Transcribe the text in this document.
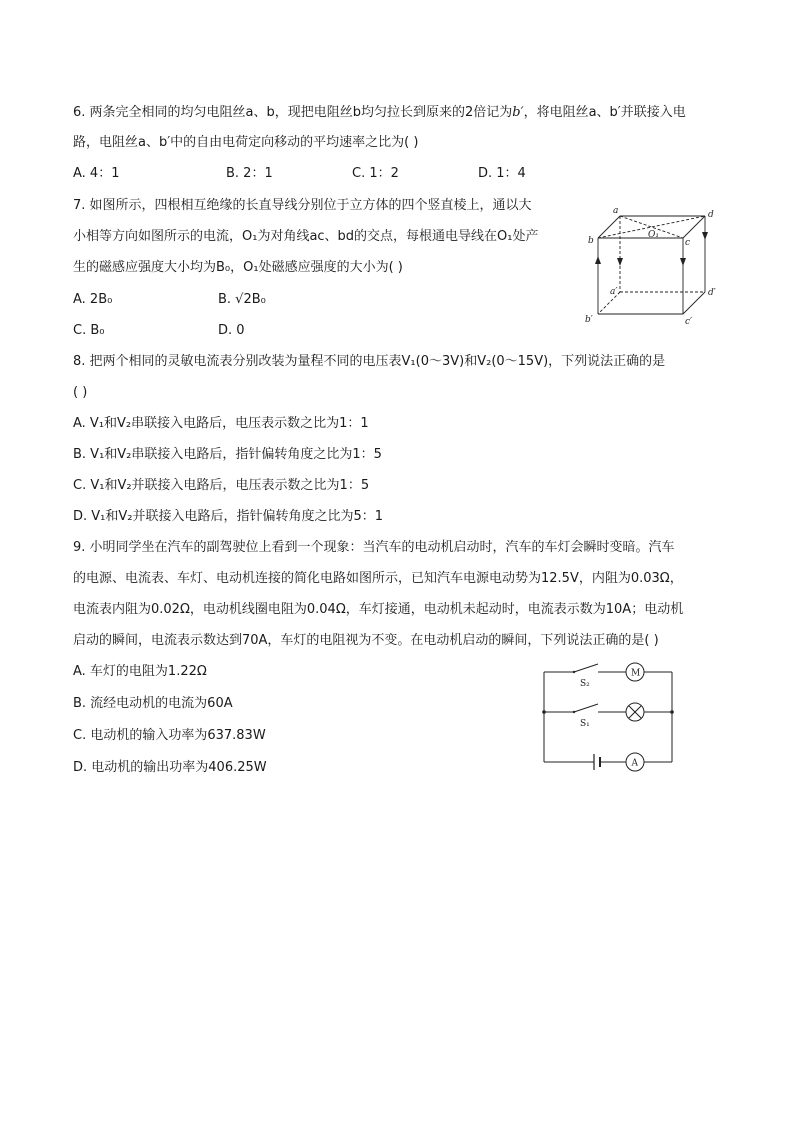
6. 两条完全相同的均匀电阻丝a、b，现把电阻丝b均匀拉长到原来的2倍记为b′，将电阻丝a、b′并联接入电
路，电阻丝a、b′中的自由电荷定向移动的平均速率之比为( )
A. 4：1	B. 2：1	C. 1：2	D. 1：4
7. 如图所示，四根相互绝缘的长直导线分别位于立方体的四个竖直棱上，通以大
小相等方向如图所示的电流，O₁为对角线ac、bd的交点，每根通电导线在O₁处产
生的磁感应强度大小均为B₀，O₁处磁感应强度的大小为( )
A. 2B₀	B. √2B₀
C. B₀	D. 0
a
b	c
d
O₁
a′
b′	c′
d′
8. 把两个相同的灵敏电流表分别改装为量程不同的电压表V₁(0～3V)和V₂(0～15V)，下列说法正确的是
( )
A. V₁和V₂串联接入电路后，电压表示数之比为1：1
B. V₁和V₂串联接入电路后，指针偏转角度之比为1：5
C. V₁和V₂并联接入电路后，电压表示数之比为1：5
D. V₁和V₂并联接入电路后，指针偏转角度之比为5：1
9. 小明同学坐在汽车的副驾驶位上看到一个现象：当汽车的电动机启动时，汽车的车灯会瞬时变暗。汽车
的电源、电流表、车灯、电动机连接的简化电路如图所示，已知汽车电源电动势为12.5V，内阻为0.03Ω，
电流表内阻为0.02Ω，电动机线圈电阻为0.04Ω，车灯接通，电动机未起动时，电流表示数为10A；电动机
启动的瞬间，电流表示数达到70A，车灯的电阻视为不变。在电动机启动的瞬间，下列说法正确的是( )
A. 车灯的电阻为1.22Ω
B. 流经电动机的电流为60A
C. 电动机的输入功率为637.83W
D. 电动机的输出功率为406.25W
S₂
S₁
M
A
